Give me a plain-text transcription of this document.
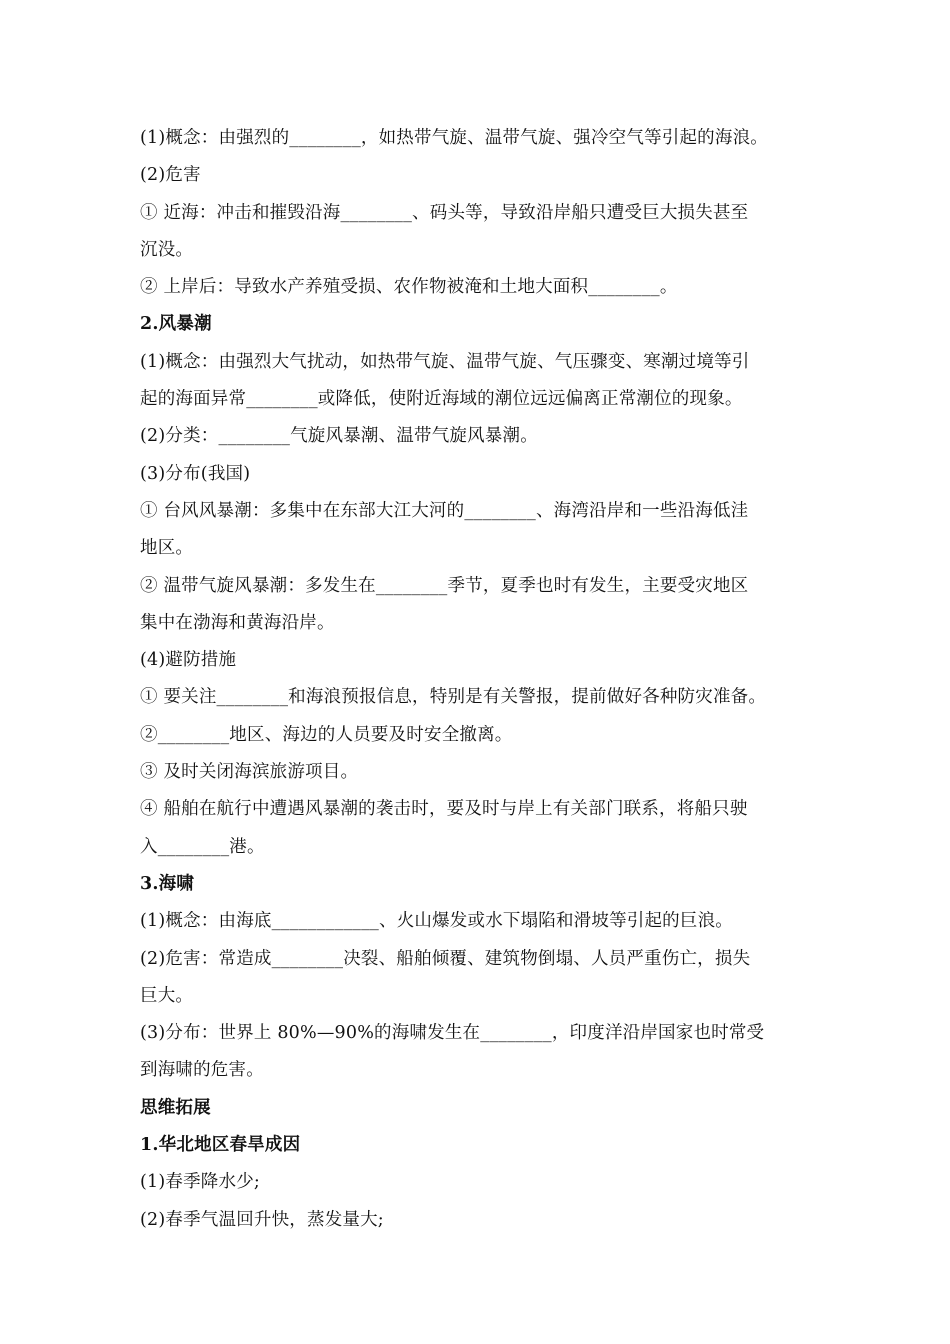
(1)概念：由强烈的________，如热带气旋、温带气旋、强冷空气等引起的海浪。
(2)危害
① 近海：冲击和摧毁沿海________、码头等，导致沿岸船只遭受巨大损失甚至
沉没。
② 上岸后：导致水产养殖受损、农作物被淹和土地大面积________。
2.风暴潮
(1)概念：由强烈大气扰动，如热带气旋、温带气旋、气压骤变、寒潮过境等引
起的海面异常________或降低，使附近海域的潮位远远偏离正常潮位的现象。
(2)分类：________气旋风暴潮、温带气旋风暴潮。
(3)分布(我国)
① 台风风暴潮：多集中在东部大江大河的________、海湾沿岸和一些沿海低洼
地区。
② 温带气旋风暴潮：多发生在________季节，夏季也时有发生，主要受灾地区
集中在渤海和黄海沿岸。
(4)避防措施
① 要关注________和海浪预报信息，特别是有关警报，提前做好各种防灾准备。
②________地区、海边的人员要及时安全撤离。
③ 及时关闭海滨旅游项目。
④ 船舶在航行中遭遇风暴潮的袭击时，要及时与岸上有关部门联系，将船只驶
入________港。
3.海啸
(1)概念：由海底____________、火山爆发或水下塌陷和滑坡等引起的巨浪。
(2)危害：常造成________决裂、船舶倾覆、建筑物倒塌、人员严重伤亡，损失
巨大。
(3)分布：世界上 80%—90%的海啸发生在________，印度洋沿岸国家也时常受
到海啸的危害。
思维拓展
1.华北地区春旱成因
(1)春季降水少;
(2)春季气温回升快，蒸发量大;
